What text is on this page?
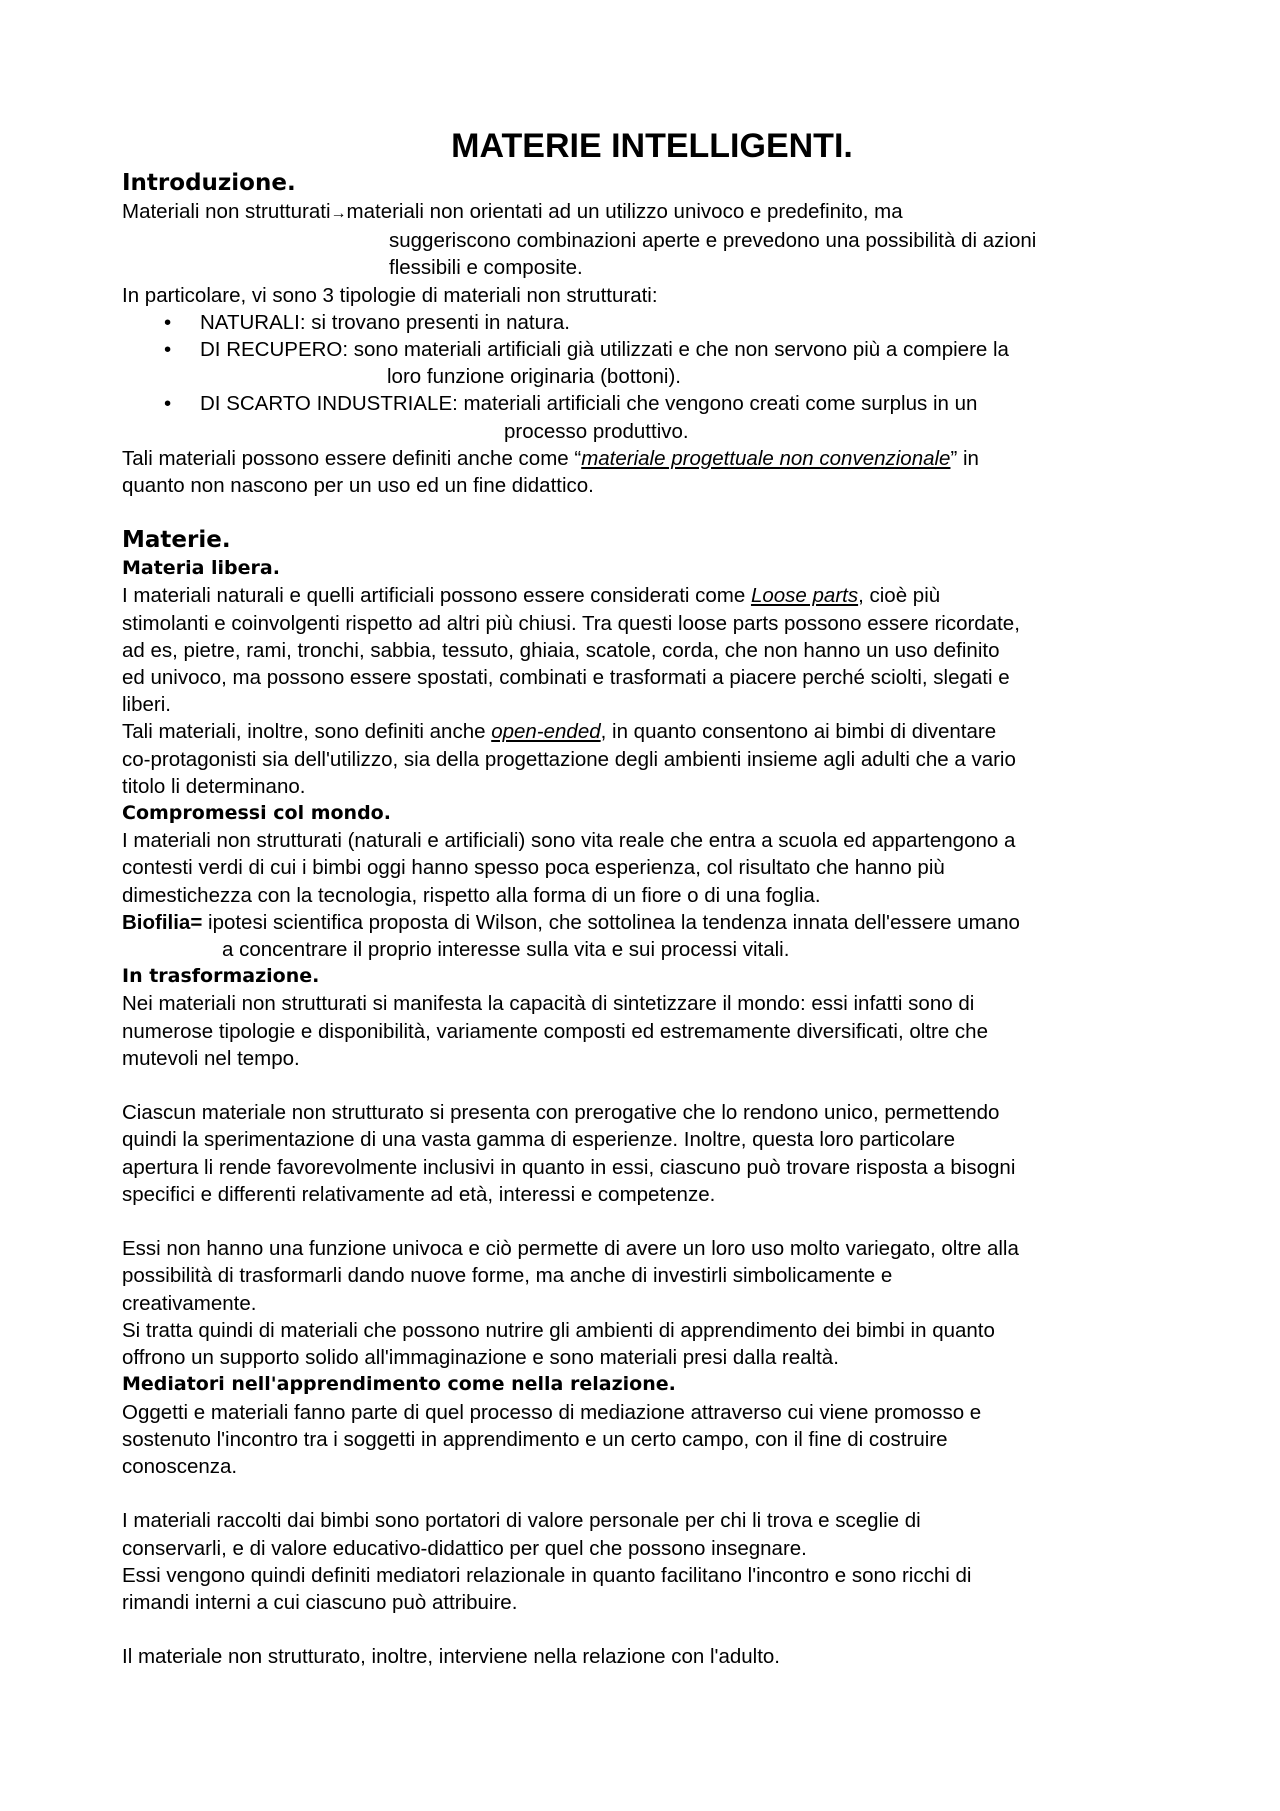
MATERIE INTELLIGENTI.
Introduzione.
Materiali non strutturati→materiali non orientati ad un utilizzo univoco e predefinito, ma
suggeriscono combinazioni aperte e prevedono una possibilità di azioni
flessibili e composite.
In particolare, vi sono 3 tipologie di materiali non strutturati:
• NATURALI: si trovano presenti in natura.
• DI RECUPERO: sono materiali artificiali già utilizzati e che non servono più a compiere la
loro funzione originaria (bottoni).
• DI SCARTO INDUSTRIALE: materiali artificiali che vengono creati come surplus in un
processo produttivo.
Tali materiali possono essere definiti anche come “materiale progettuale non convenzionale” in
quanto non nascono per un uso ed un fine didattico.
Materie.
Materia libera.
I materiali naturali e quelli artificiali possono essere considerati come Loose parts, cioè più
stimolanti e coinvolgenti rispetto ad altri più chiusi. Tra questi loose parts possono essere ricordate,
ad es, pietre, rami, tronchi, sabbia, tessuto, ghiaia, scatole, corda, che non hanno un uso definito
ed univoco, ma possono essere spostati, combinati e trasformati a piacere perché sciolti, slegati e
liberi.
Tali materiali, inoltre, sono definiti anche open-ended, in quanto consentono ai bimbi di diventare
co-protagonisti sia dell'utilizzo, sia della progettazione degli ambienti insieme agli adulti che a vario
titolo li determinano.
Compromessi col mondo.
I materiali non strutturati (naturali e artificiali) sono vita reale che entra a scuola ed appartengono a
contesti verdi di cui i bimbi oggi hanno spesso poca esperienza, col risultato che hanno più
dimestichezza con la tecnologia, rispetto alla forma di un fiore o di una foglia.
Biofilia= ipotesi scientifica proposta di Wilson, che sottolinea la tendenza innata dell'essere umano
a concentrare il proprio interesse sulla vita e sui processi vitali.
In trasformazione.
Nei materiali non strutturati si manifesta la capacità di sintetizzare il mondo: essi infatti sono di
numerose tipologie e disponibilità, variamente composti ed estremamente diversificati, oltre che
mutevoli nel tempo.
Ciascun materiale non strutturato si presenta con prerogative che lo rendono unico, permettendo
quindi la sperimentazione di una vasta gamma di esperienze. Inoltre, questa loro particolare
apertura li rende favorevolmente inclusivi in quanto in essi, ciascuno può trovare risposta a bisogni
specifici e differenti relativamente ad età, interessi e competenze.
Essi non hanno una funzione univoca e ciò permette di avere un loro uso molto variegato, oltre alla
possibilità di trasformarli dando nuove forme, ma anche di investirli simbolicamente e
creativamente.
Si tratta quindi di materiali che possono nutrire gli ambienti di apprendimento dei bimbi in quanto
offrono un supporto solido all'immaginazione e sono materiali presi dalla realtà.
Mediatori nell'apprendimento come nella relazione.
Oggetti e materiali fanno parte di quel processo di mediazione attraverso cui viene promosso e
sostenuto l'incontro tra i soggetti in apprendimento e un certo campo, con il fine di costruire
conoscenza.
I materiali raccolti dai bimbi sono portatori di valore personale per chi li trova e sceglie di
conservarli, e di valore educativo-didattico per quel che possono insegnare.
Essi vengono quindi definiti mediatori relazionale in quanto facilitano l'incontro e sono ricchi di
rimandi interni a cui ciascuno può attribuire.
Il materiale non strutturato, inoltre, interviene nella relazione con l'adulto.
